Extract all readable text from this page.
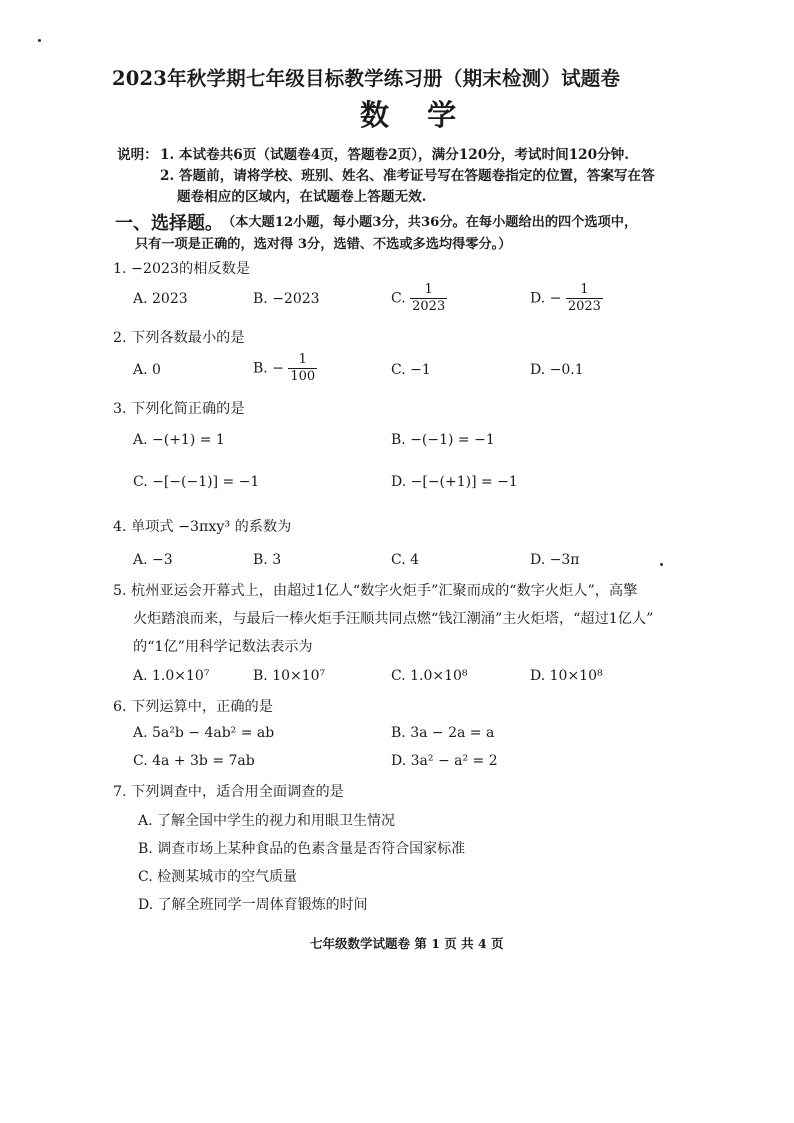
2023年秋学期七年级目标教学练习册（期末检测）试题卷
数 学
说明： 1. 本试卷共6页（试题卷4页，答题卷2页），满分120分，考试时间120分钟.
2. 答题前，请将学校、班别、姓名、准考证号写在答题卷指定的位置，答案写在答
题卷相应的区域内，在试题卷上答题无效.
一、选择题。 （本大题12小题，每小题3分，共36分。在每小题给出的四个选项中，
只有一项是正确的，选对得 3分，选错、不选或多选均得零分。）
1. −2023的相反数是
A. 2023	B. −2023	C. $\frac{1}{2023}$	D. − $\frac{1}{2023}$
2. 下列各数最小的是
A. 0	B. − $\frac{1}{100}$	C. −1	D. −0.1
3. 下列化简正确的是
A. −(+1) = 1	B. −(−1) = −1
C. −[−(−1)] = −1	D. −[−(+1)] = −1
4. 单项式 −3πxy³ 的系数为
A. −3	B. 3	C. 4	D. −3π
5. 杭州亚运会开幕式上，由超过1亿人“数字火炬手”汇聚而成的“数字火炬人”，高擎
火炬踏浪而来，与最后一棒火炬手汪顺共同点燃“钱江潮涌”主火炬塔，“超过1亿人”
的“1亿”用科学记数法表示为
A. 1.0×10⁷	B. 10×10⁷	C. 1.0×10⁸	D. 10×10⁸
6. 下列运算中，正确的是
A. 5a²b − 4ab² = ab	B. 3a − 2a = a
C. 4a + 3b = 7ab	D. 3a² − a² = 2
7. 下列调查中，适合用全面调查的是
A. 了解全国中学生的视力和用眼卫生情况
B. 调查市场上某种食品的色素含量是否符合国家标准
C. 检测某城市的空气质量
D. 了解全班同学一周体育锻炼的时间
七年级数学试题卷 第 1 页 共 4 页
